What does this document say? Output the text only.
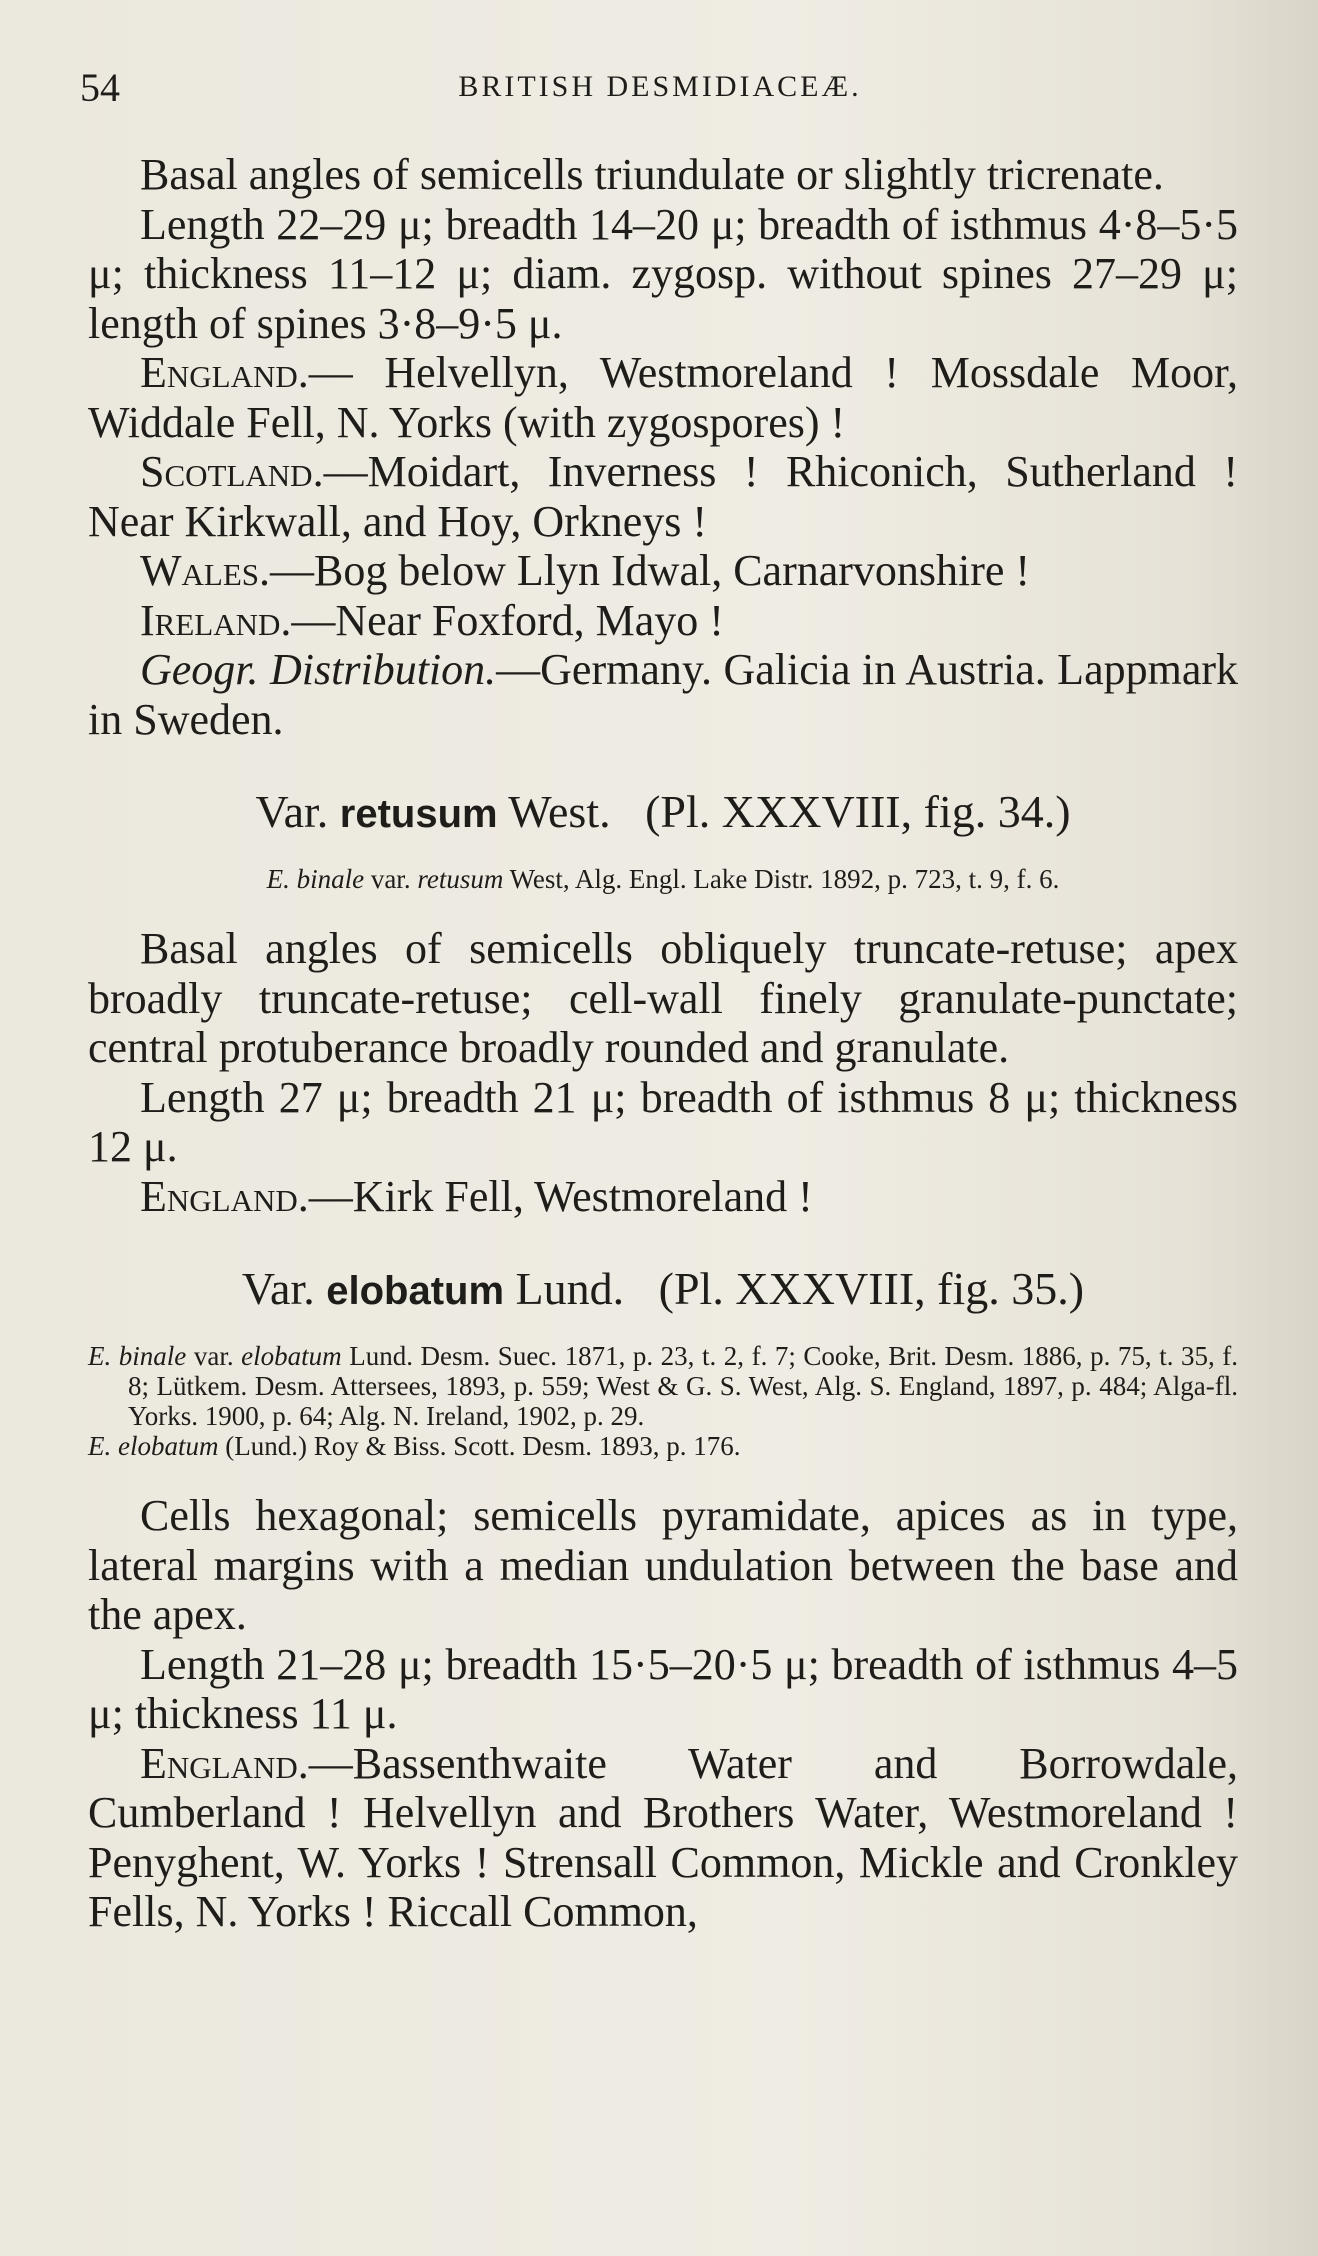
54	BRITISH DESMIDIACEÆ.

Basal angles of semicells triundulate or slightly tricrenate.

Length 22–29 μ; breadth 14–20 μ; breadth of isthmus 4·8–5·5 μ; thickness 11–12 μ; diam. zygosp. without spines 27–29 μ; length of spines 3·8–9·5 μ.

England.— Helvellyn, Westmoreland ! Mossdale Moor, Widdale Fell, N. Yorks (with zygospores) !

Scotland.—Moidart, Inverness ! Rhiconich, Sutherland ! Near Kirkwall, and Hoy, Orkneys !

Wales.—Bog below Llyn Idwal, Carnarvonshire !

Ireland.—Near Foxford, Mayo !

Geogr. Distribution.—Germany. Galicia in Austria. Lappmark in Sweden.

Var. retusum West. (Pl. XXXVIII, fig. 34.)

E. binale var. retusum West, Alg. Engl. Lake Distr. 1892, p. 723, t. 9, f. 6.

Basal angles of semicells obliquely truncate-retuse; apex broadly truncate-retuse; cell-wall finely granulate-punctate; central protuberance broadly rounded and granulate.

Length 27 μ; breadth 21 μ; breadth of isthmus 8 μ; thickness 12 μ.

England.—Kirk Fell, Westmoreland !

Var. elobatum Lund. (Pl. XXXVIII, fig. 35.)

E. binale var. elobatum Lund. Desm. Suec. 1871, p. 23, t. 2, f. 7; Cooke, Brit. Desm. 1886, p. 75, t. 35, f. 8; Lütkem. Desm. Attersees, 1893, p. 559; West & G. S. West, Alg. S. England, 1897, p. 484; Alga-fl. Yorks. 1900, p. 64; Alg. N. Ireland, 1902, p. 29.

E. elobatum (Lund.) Roy & Biss. Scott. Desm. 1893, p. 176.

Cells hexagonal; semicells pyramidate, apices as in type, lateral margins with a median undulation between the base and the apex.

Length 21–28 μ; breadth 15·5–20·5 μ; breadth of isthmus 4–5 μ; thickness 11 μ.

England.—Bassenthwaite Water and Borrowdale, Cumberland ! Helvellyn and Brothers Water, Westmoreland ! Penyghent, W. Yorks ! Strensall Common, Mickle and Cronkley Fells, N. Yorks ! Riccall Common,
